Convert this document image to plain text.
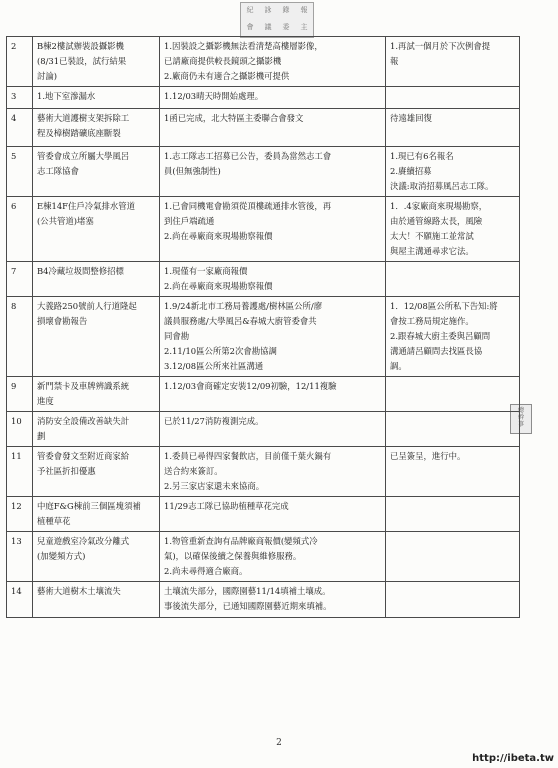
紀	詠	錄	報
會	議	委	主
總
幹
事
2	B棟2樓試辦裝設攝影機
(8/31已裝設，試行結果
討論)	1.因裝設之攝影機無法看清楚高樓層影像，
已請廠商提供較長鏡頭之攝影機
2.廠商仍未有適合之攝影機可提供	1.再試一個月於下次例會提
報

3	1.地下室滲漏水	1.12/03晴天時開始處理。	

4	藝術大道護樹支架拆除工
程及樟樹踏礦底座斷裂	1函已完成，北大特區主委聯合會發文	待遠雄回復

5	管委會成立所屬大學風呂
志工隊協會	1.志工隊志工招募已公告，委員為當然志工會
員(但無強制性)	1.現已有6名報名
2.賡續招募
決議:取消招募風呂志工隊。

6	E棟14F住戶冷氣排水管道
(公共管道)堵塞	1.已會同機電會勘須從頂樓疏通排水管後，再
到住戶端疏通
2.尚在尋廠商來現場勘察報價	1．.4家廠商來現場勘察，
由於通管線路太長，風險
太大！不願施工並常試
與屋主溝通尋求它法。

7	B4冷藏垃圾間整修招標	1.現僅有一家廠商報價
2.尚在尋廠商來現場勘察報價	

8	大義路250號前人行道隆起
損壞會勘報告	1.9/24新北市工務局養護處/樹林區公所/廖
議員服務處/大學風呂&春城大廚管委會共
同會勘
2.11/10區公所第2次會勘協調
3.12/08區公所來社區溝通	1．12/08區公所私下告知:將
會按工務局規定施作。
2.跟春城大廚主委與呂顧問
溝通請呂顧問去找區長協
調。

9	新門禁卡及車牌辨識系統
進度	1.12/03會商確定安裝12/09初驗，12/11複驗	

10	消防安全設備改善缺失計
劃	已於11/27消防複測完成。	

11	管委會發文至附近商家給
予社區折扣優惠	1.委員已尋得四家餐飲店，目前僅千葉火鍋有
送合約來簽訂。
2.另三家店家還未來協商。	已呈簽呈，進行中。

12	中庭F&G棟前三個區塊須補
植種草花	11/29志工隊已協助植種草花完成	

13	兒童遊戲室冷氣改分離式
(加變頻方式)	1.物管重新查詢有品牌廠商報價(變頻式冷
氣)，以確保後續之保養與維修服務。
2.尚未尋得適合廠商。	

14	藝術大道樹木土壤流失	土壤流失部分，國際園藝11/14填補土壤成。
事後流失部分，已通知國際園藝近期來填補。	

2
http://ibeta.tw
